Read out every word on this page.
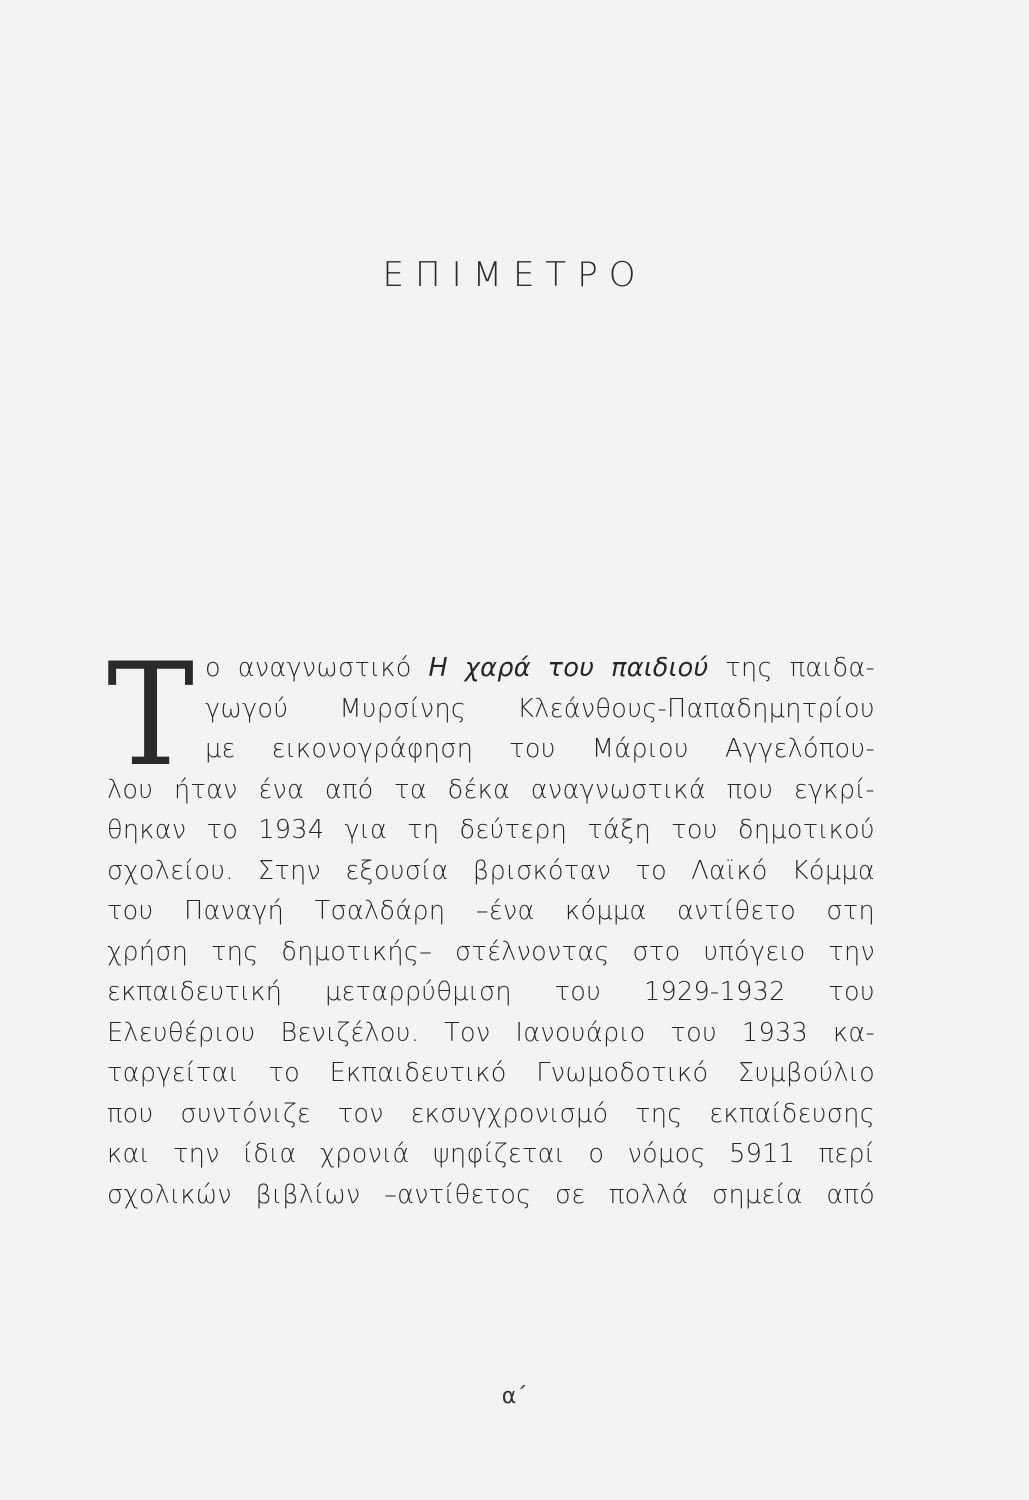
ΕΠΙΜΕΤΡΟ
Τ ο αναγνωστικό Η χαρά του παιδιού της παιδα-
γωγού Μυρσίνης Κλεάνθους-Παπαδημητρίου
με εικονογράφηση του Μάριου Αγγελόπου-
λου ήταν ένα από τα δέκα αναγνωστικά που εγκρί-
θηκαν το 1934 για τη δεύτερη τάξη του δημοτικού
σχολείου. Στην εξουσία βρισκόταν το Λαϊκό Κόμμα
του Παναγή Τσαλδάρη –ένα κόμμα αντίθετο στη
χρήση της δημοτικής– στέλνοντας στο υπόγειο την
εκπαιδευτική μεταρρύθμιση του 1929-1932 του
Ελευθέριου Βενιζέλου. Τον Ιανουάριο του 1933 κα-
ταργείται το Εκπαιδευτικό Γνωμοδοτικό Συμβούλιο
που συντόνιζε τον εκσυγχρονισμό της εκπαίδευσης
και την ίδια χρονιά ψηφίζεται ο νόμος 5911 περί
σχολικών βιβλίων –αντίθετος σε πολλά σημεία από
α΄
